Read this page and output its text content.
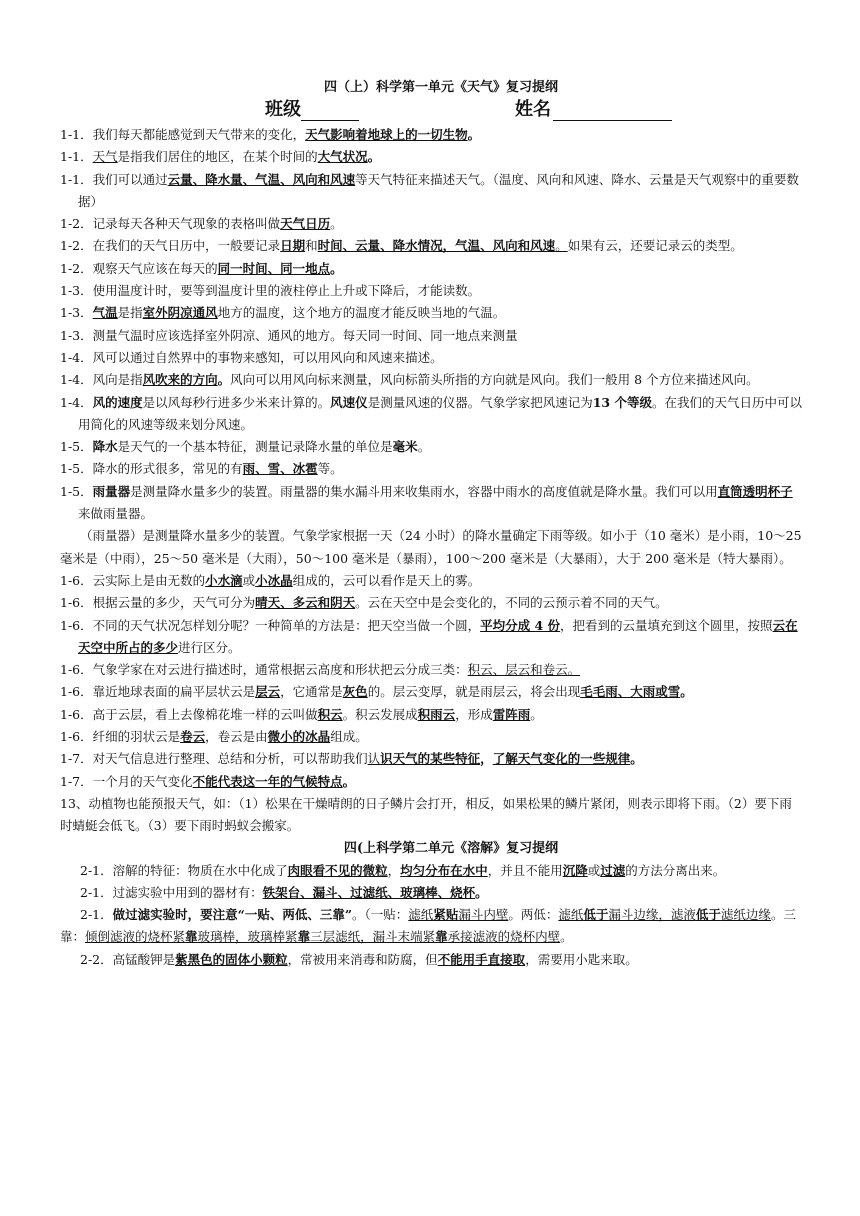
四（上）科学第一单元《天气》复习提纲
班级	姓名

1-1．我们每天都能感觉到天气带来的变化，天气影响着地球上的一切生物。

1-1．天气是指我们居住的地区，在某个时间的大气状况。

1-1．我们可以通过云量、降水量、气温、风向和风速等天气特征来描述天气。（温度、风向和风速、降水、云量是天气观察中的重要数据）

1-2．记录每天各种天气现象的表格叫做天气日历。

1-2．在我们的天气日历中，一般要记录日期和时间、云量、降水情况，气温、风向和风速。如果有云，还要记录云的类型。

1-2．观察天气应该在每天的同一时间、同一地点。

1-3．使用温度计时，要等到温度计里的液柱停止上升或下降后，才能读数。

1-3．气温是指室外阴凉通风地方的温度，这个地方的温度才能反映当地的气温。

1-3．测量气温时应该选择室外阴凉、通风的地方。每天同一时间、同一地点来测量

1-4．风可以通过自然界中的事物来感知，可以用风向和风速来描述。

1-4．风向是指风吹来的方向。风向可以用风向标来测量，风向标箭头所指的方向就是风向。我们一般用 8 个方位来描述风向。

1-4．风的速度是以风每秒行进多少米来计算的。风速仪是测量风速的仪器。气象学家把风速记为13 个等级。在我们的天气日历中可以用简化的风速等级来划分风速。

1-5．降水是天气的一个基本特征，测量记录降水量的单位是毫米。

1-5．降水的形式很多，常见的有雨、雪、冰雹等。

1-5．雨量器是测量降水量多少的装置。雨量器的集水漏斗用来收集雨水，容器中雨水的高度值就是降水量。我们可以用直筒透明杯子来做雨量器。

（雨量器）是测量降水量多少的装置。气象学家根据一天（24 小时）的降水量确定下雨等级。如小于（10 毫米）是小雨，10～25 毫米是（中雨），25～50 毫米是（大雨），50～100 毫米是（暴雨），100～200 毫米是（大暴雨），大于 200 毫米是（特大暴雨）。

1-6．云实际上是由无数的小水滴或小冰晶组成的，云可以看作是天上的雾。

1-6．根据云量的多少，天气可分为晴天、多云和阴天。云在天空中是会变化的，不同的云预示着不同的天气。

1-6．不同的天气状况怎样划分呢？一种简单的方法是：把天空当做一个圆，平均分成 4 份，把看到的云量填充到这个圆里，按照云在天空中所占的多少进行区分。

1-6．气象学家在对云进行描述时，通常根据云高度和形状把云分成三类：积云、层云和卷云。

1-6．靠近地球表面的扁平层状云是层云，它通常是灰色的。层云变厚，就是雨层云，将会出现毛毛雨、大雨或雪。

1-6．高于云层，看上去像棉花堆一样的云叫做积云。积云发展成积雨云，形成雷阵雨。

1-6．纤细的羽状云是卷云，卷云是由微小的冰晶组成。

1-7．对天气信息进行整理、总结和分析，可以帮助我们认识天气的某些特征，了解天气变化的一些规律。

1-7．一个月的天气变化不能代表这一年的气候特点。

13、动植物也能预报天气，如：（1）松果在干燥晴朗的日子鳞片会打开，相反，如果松果的鳞片紧闭，则表示即将下雨。（2）要下雨时蜻蜓会低飞。（3）要下雨时蚂蚁会搬家。

四(上科学第二单元《溶解》复习提纲

2-1．溶解的特征：物质在水中化成了肉眼看不见的微粒，均匀分布在水中，并且不能用沉降或过滤的方法分离出来。

2-1．过滤实验中用到的器材有：铁架台、漏斗、过滤纸、玻璃棒、烧杯。

2-1．做过滤实验时，要注意“一贴、两低、三靠”。（一贴：滤纸紧贴漏斗内壁。两低：滤纸低于漏斗边缘，滤液低于滤纸边缘。三靠：倾倒滤液的烧杯紧靠玻璃棒，玻璃棒紧靠三层滤纸，漏斗末端紧靠承接滤液的烧杯内壁。

2-2．高锰酸钾是紫黑色的固体小颗粒，常被用来消毒和防腐，但不能用手直接取，需要用小匙来取。
